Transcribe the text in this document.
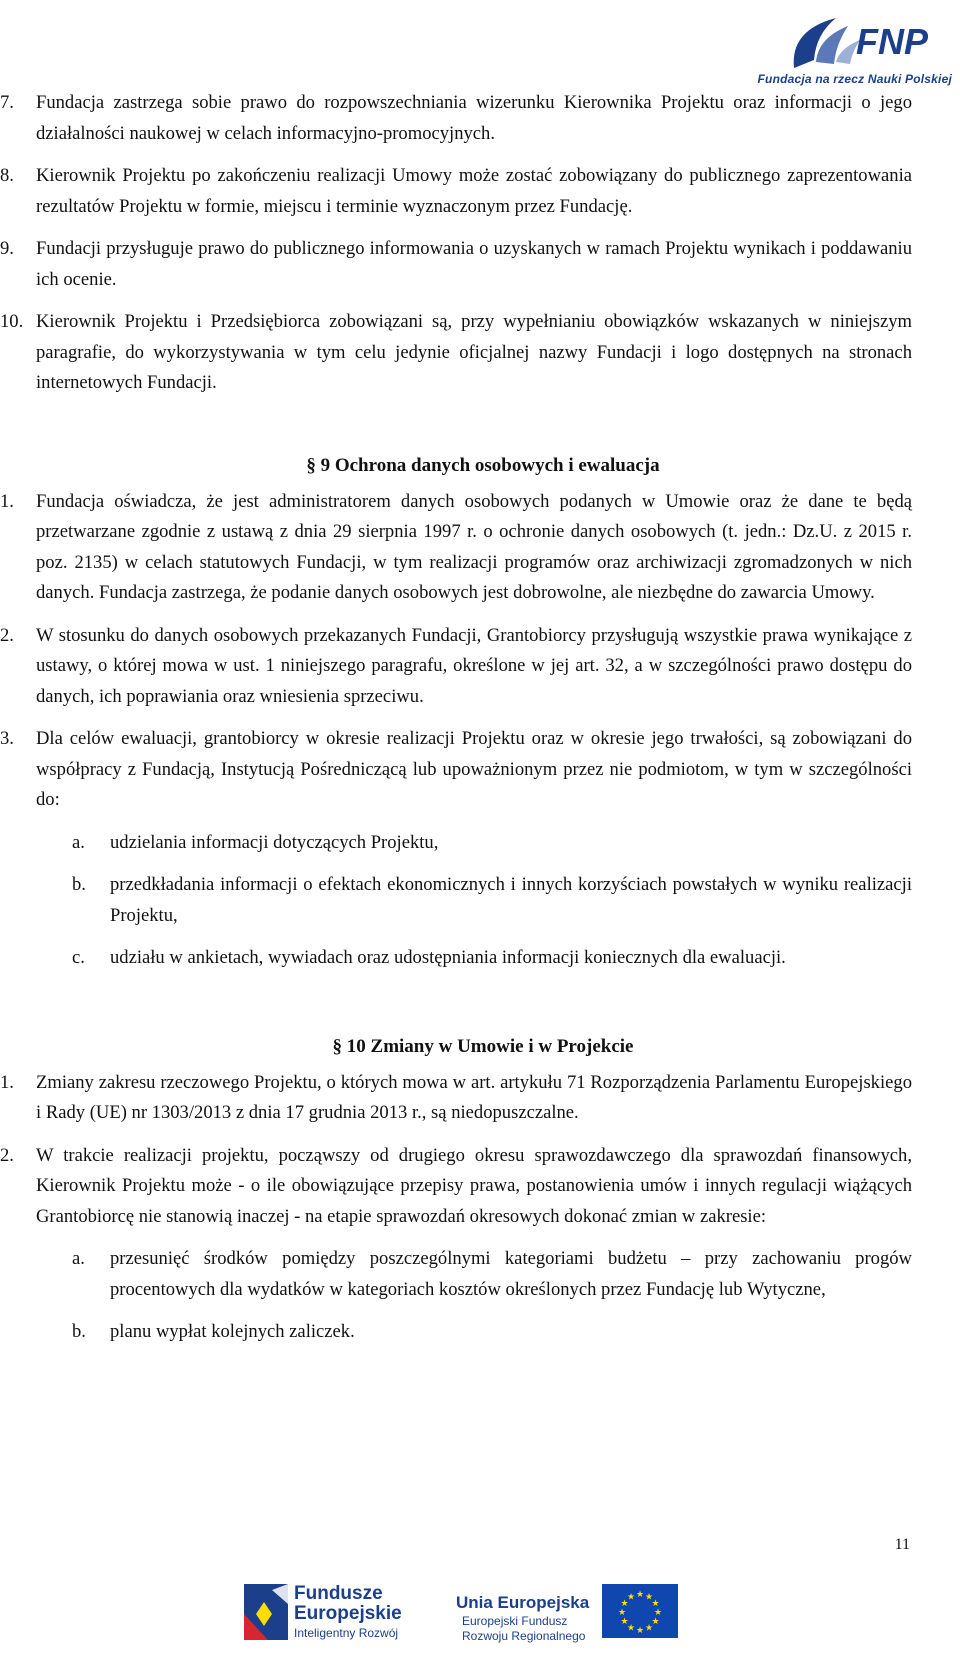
FNP
Fundacja na rzecz Nauki Polskiej
7. Fundacja zastrzega sobie prawo do rozpowszechniania wizerunku Kierownika Projektu oraz informacji o jego działalności naukowej w celach informacyjno-promocyjnych.
8. Kierownik Projektu po zakończeniu realizacji Umowy może zostać zobowiązany do publicznego zaprezentowania rezultatów Projektu w formie, miejscu i terminie wyznaczonym przez Fundację.
9. Fundacji przysługuje prawo do publicznego informowania o uzyskanych w ramach Projektu wynikach i poddawaniu ich ocenie.
10. Kierownik Projektu i Przedsiębiorca zobowiązani są, przy wypełnianiu obowiązków wskazanych w niniejszym paragrafie, do wykorzystywania w tym celu jedynie oficjalnej nazwy Fundacji i logo dostępnych na stronach internetowych Fundacji.
§ 9 Ochrona danych osobowych i ewaluacja
1. Fundacja oświadcza, że jest administratorem danych osobowych podanych w Umowie oraz że dane te będą przetwarzane zgodnie z ustawą z dnia 29 sierpnia 1997 r. o ochronie danych osobowych (t. jedn.: Dz.U. z 2015 r. poz. 2135) w celach statutowych Fundacji, w tym realizacji programów oraz archiwizacji zgromadzonych w nich danych. Fundacja zastrzega, że podanie danych osobowych jest dobrowolne, ale niezbędne do zawarcia Umowy.
2. W stosunku do danych osobowych przekazanych Fundacji, Grantobiorcy przysługują wszystkie prawa wynikające z ustawy, o której mowa w ust. 1 niniejszego paragrafu, określone w jej art. 32, a w szczególności prawo dostępu do danych, ich poprawiania oraz wniesienia sprzeciwu.
3. Dla celów ewaluacji, grantobiorcy w okresie realizacji Projektu oraz w okresie jego trwałości, są zobowiązani do współpracy z Fundacją, Instytucją Pośredniczącą lub upoważnionym przez nie podmiotom, w tym w szczególności do:
a. udzielania informacji dotyczących Projektu,
b. przedkładania informacji o efektach ekonomicznych i innych korzyściach powstałych w wyniku realizacji Projektu,
c. udziału w ankietach, wywiadach oraz udostępniania informacji koniecznych dla ewaluacji.
§ 10 Zmiany w Umowie i w Projekcie
1. Zmiany zakresu rzeczowego Projektu, o których mowa w art. artykułu 71 Rozporządzenia Parlamentu Europejskiego i Rady (UE) nr 1303/2013 z dnia 17 grudnia 2013 r., są niedopuszczalne.
2. W trakcie realizacji projektu, począwszy od drugiego okresu sprawozdawczego dla sprawozdań finansowych, Kierownik Projektu może - o ile obowiązujące przepisy prawa, postanowienia umów i innych regulacji wiążących Grantobiorcę nie stanowią inaczej - na etapie sprawozdań okresowych dokonać zmian w zakresie:
a. przesunięć środków pomiędzy poszczególnymi kategoriami budżetu – przy zachowaniu progów procentowych dla wydatków w kategoriach kosztów określonych przez Fundację lub Wytyczne,
b. planu wypłat kolejnych zaliczek.
11
Fundusze
Europejskie
Inteligentny Rozwój
Unia Europejska
Europejski Fundusz
Rozwoju Regionalnego
★ ★
★
★
★
★
★
★
★
★
★
★
